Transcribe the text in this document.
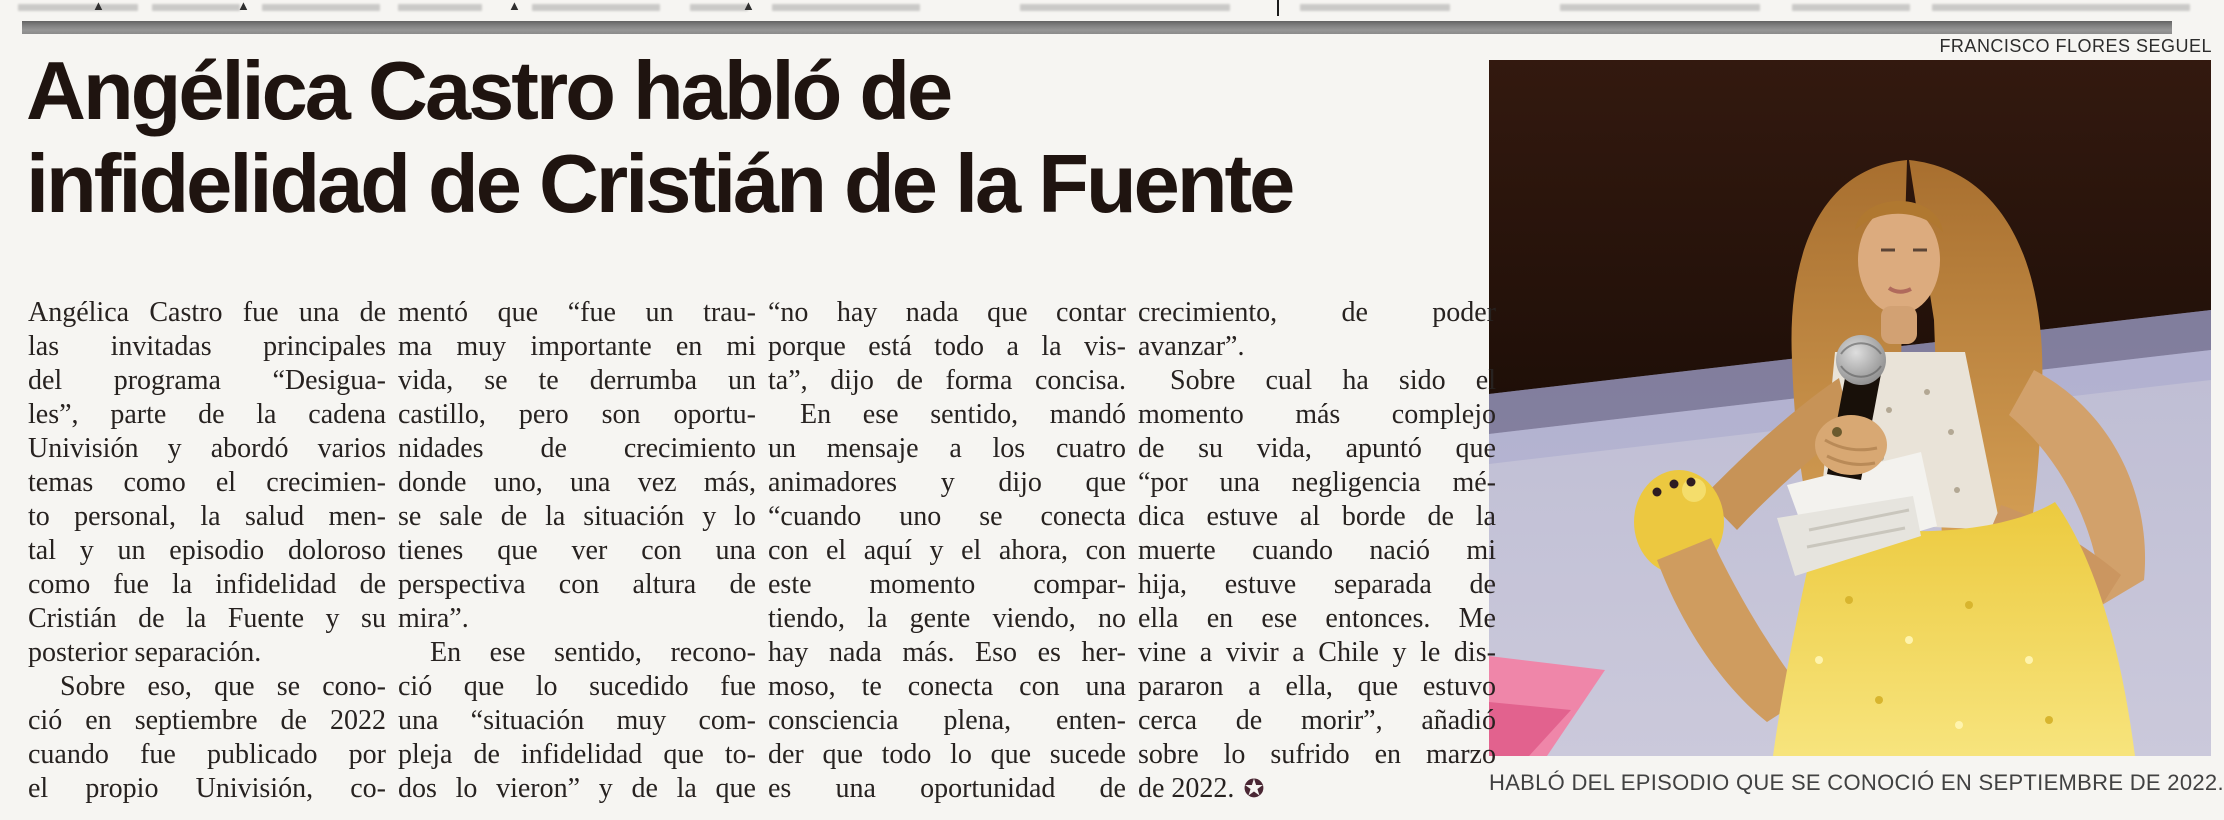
▲	▲	▲	▲
Angélica Castro habló de
infidelidad de Cristián de la Fuente
FRANCISCO FLORES SEGUEL
HABLÓ DEL EPISODIO QUE SE CONOCIÓ EN SEPTIEMBRE DE 2022.
Angélica Castro fue una de
las invitadas principales
del programa “Desigua-
les”, parte de la cadena
Univisión y abordó varios
temas como el crecimien-
to personal, la salud men-
tal y un episodio doloroso
como fue la infidelidad de
Cristián de la Fuente y su
posterior separación.
Sobre eso, que se cono-
ció en septiembre de 2022
cuando fue publicado por
el propio Univisión, co-
mentó que “fue un trau-
ma muy importante en mi
vida, se te derrumba un
castillo, pero son oportu-
nidades de crecimiento
donde uno, una vez más,
se sale de la situación y lo
tienes que ver con una
perspectiva con altura de
mira”.
En ese sentido, recono-
ció que lo sucedido fue
una “situación muy com-
pleja de infidelidad que to-
dos lo vieron” y de la que
“no hay nada que contar
porque está todo a la vis-
ta”, dijo de forma concisa.
En ese sentido, mandó
un mensaje a los cuatro
animadores y dijo que
“cuando uno se conecta
con el aquí y el ahora, con
este momento compar-
tiendo, la gente viendo, no
hay nada más. Eso es her-
moso, te conecta con una
consciencia plena, enten-
der que todo lo que sucede
es una oportunidad de
crecimiento, de poder
avanzar”.
Sobre cual ha sido el
momento más complejo
de su vida, apuntó que
“por una negligencia mé-
dica estuve al borde de la
muerte cuando nació mi
hija, estuve separada de
ella en ese entonces. Me
vine a vivir a Chile y le dis-
pararon a ella, que estuvo
cerca de morir”, añadió
sobre lo sufrido en marzo
de 2022. ✪
